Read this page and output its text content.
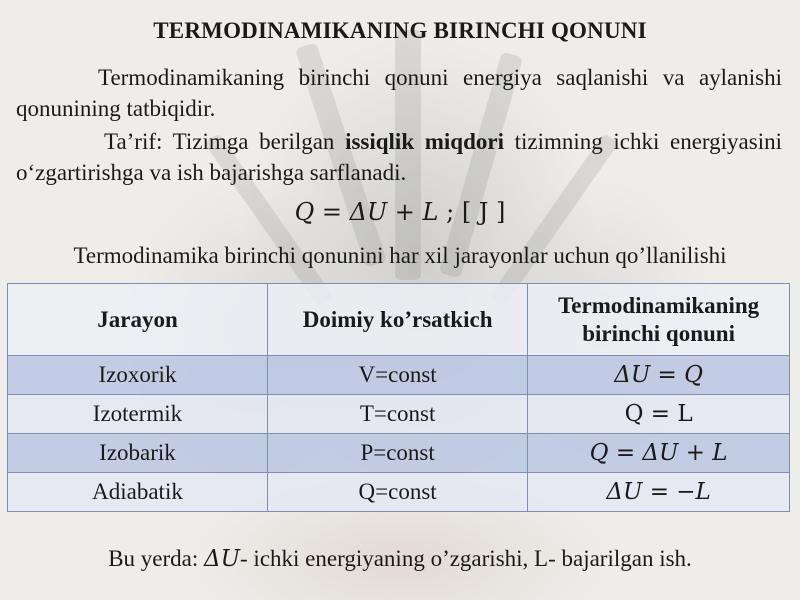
TERMODINAMIKANING BIRINCHI QONUNI
Termodinamikaning birinchi qonuni energiya saqlanishi va aylanishi qonunining tatbiqidir.
Ta’rif: Tizimga berilgan issiqlik miqdori tizimning ichki energiyasini o‘zgartirishga va ish bajarishga sarflanadi.
Q = ΔU + L ; [ J ]
Termodinamika birinchi qonunini har xil jarayonlar uchun qo’llanilishi
Jarayon	Doimiy ko’rsatkich	Termodinamikaning birinchi qonuni
Izoxorik	V=const	ΔU = Q
Izotermik	T=const	Q = L
Izobarik	P=const	Q = ΔU + L
Adiabatik	Q=const	ΔU = −L
Bu yerda: ΔU- ichki energiyaning o’zgarishi, L- bajarilgan ish.
